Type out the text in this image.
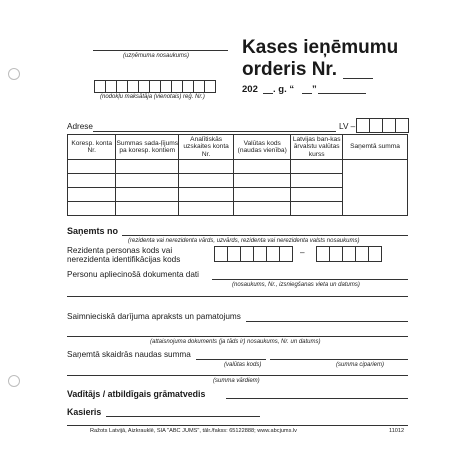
(uzņēmuma nosaukums)
(nodokļu maksātāja (vienotais) reģ. Nr.)
Kases ieņēmumu
orderis Nr.
202 . g. “ ”
Adrese	LV –
Koresp. konta Nr.	Summas sada-ļījums pa koresp. kontiem	Analītiskās uzskaites konta Nr.	Valūtas kods (naudas vienība)	Latvijas ban-kas ārvalstu valūtas kurss	Saņemtā summa

Saņemts no
(rezidenta vai nerezidenta vārds, uzvārds, rezidenta vai nerezidenta valsts nosaukums)
Rezidenta personas kods vai
nerezidenta identifikācijas kods
–
Personu apliecinošā dokumenta dati
(nosaukums, Nr., izsniegšanas vieta un datums)
Saimnieciskā darījuma apraksts un pamatojums
(attaisnojuma dokuments (ja tāds ir) nosaukums, Nr. un datums)
Saņemtā skaidrās naudas summa
(valūtas kods)	(summa cipariem)
(summa vārdiem)
Vadītājs / atbildīgais grāmatvedis
Kasieris
Ražots Latvijā, Aizkrauklē, SIA "ABC JUMS", tālr./fakss: 65122888; www.abcjums.lv	11012
